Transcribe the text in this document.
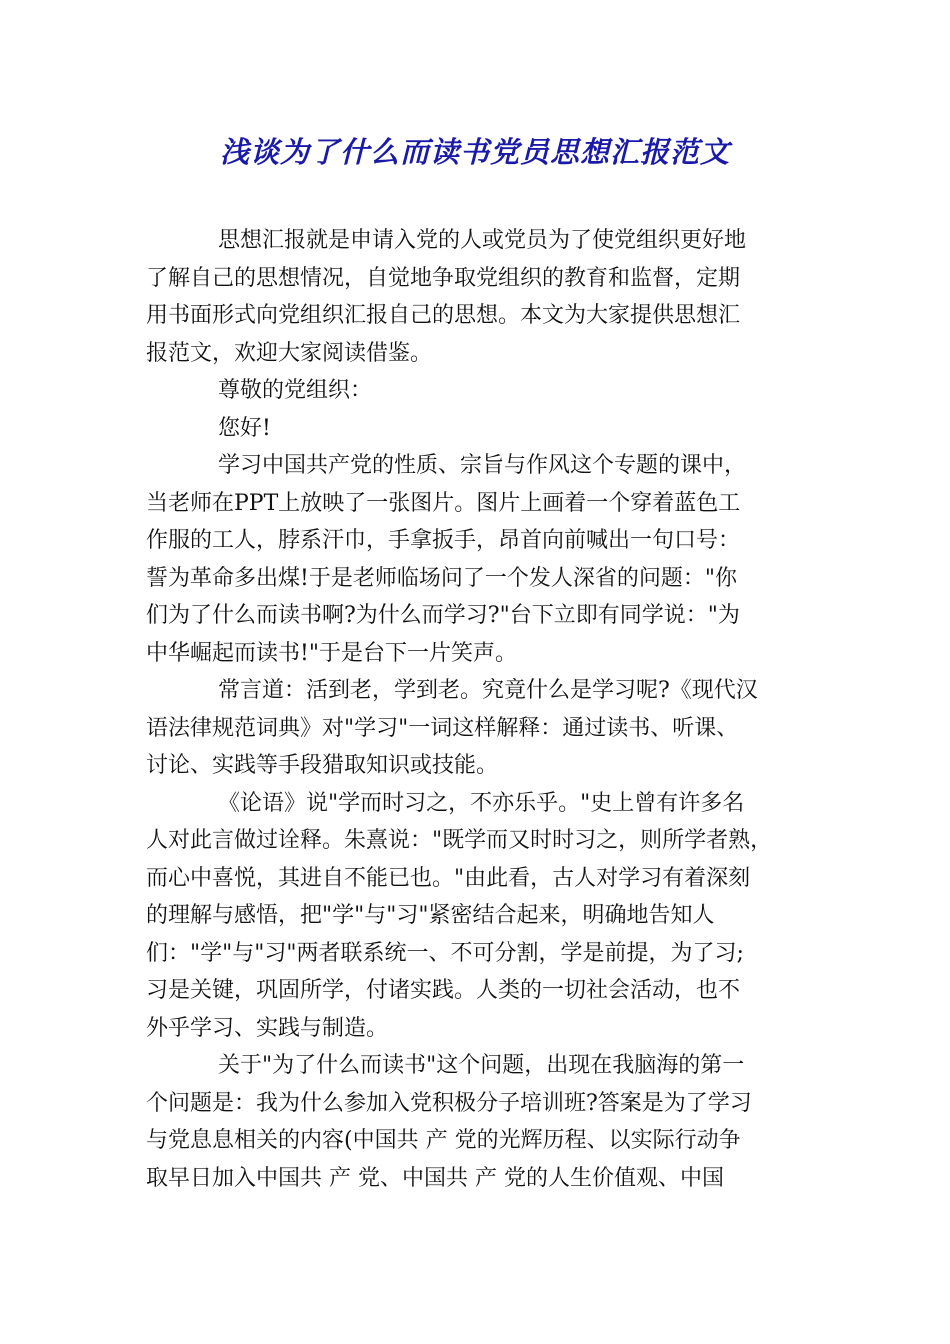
浅谈为了什么而读书党员思想汇报范文
思想汇报就是申请入党的人或党员为了使党组织更好地
了解自己的思想情况，自觉地争取党组织的教育和监督，定期
用书面形式向党组织汇报自己的思想。本文为大家提供思想汇
报范文，欢迎大家阅读借鉴。
尊敬的党组织：
您好!
学习中国共产党的性质、宗旨与作风这个专题的课中，
当老师在PPT上放映了一张图片。图片上画着一个穿着蓝色工
作服的工人，脖系汗巾，手拿扳手，昂首向前喊出一句口号：
誓为革命多出煤!于是老师临场问了一个发人深省的问题："你
们为了什么而读书啊?为什么而学习?"台下立即有同学说："为
中华崛起而读书!"于是台下一片笑声。
常言道：活到老，学到老。究竟什么是学习呢?《现代汉
语法律规范词典》对"学习"一词这样解释：通过读书、听课、
讨论、实践等手段猎取知识或技能。
《论语》说"学而时习之，不亦乐乎。"史上曾有许多名
人对此言做过诠释。朱熹说："既学而又时时习之，则所学者熟，
而心中喜悦，其进自不能已也。"由此看，古人对学习有着深刻
的理解与感悟，把"学"与"习"紧密结合起来，明确地告知人
们："学"与"习"两者联系统一、不可分割，学是前提，为了习;
习是关键，巩固所学，付诸实践。人类的一切社会活动，也不
外乎学习、实践与制造。
关于"为了什么而读书"这个问题，出现在我脑海的第一
个问题是：我为什么参加入党积极分子培训班?答案是为了学习
与党息息相关的内容(中国共 产 党的光辉历程、以实际行动争
取早日加入中国共 产 党、中国共 产 党的人生价值观、中国
